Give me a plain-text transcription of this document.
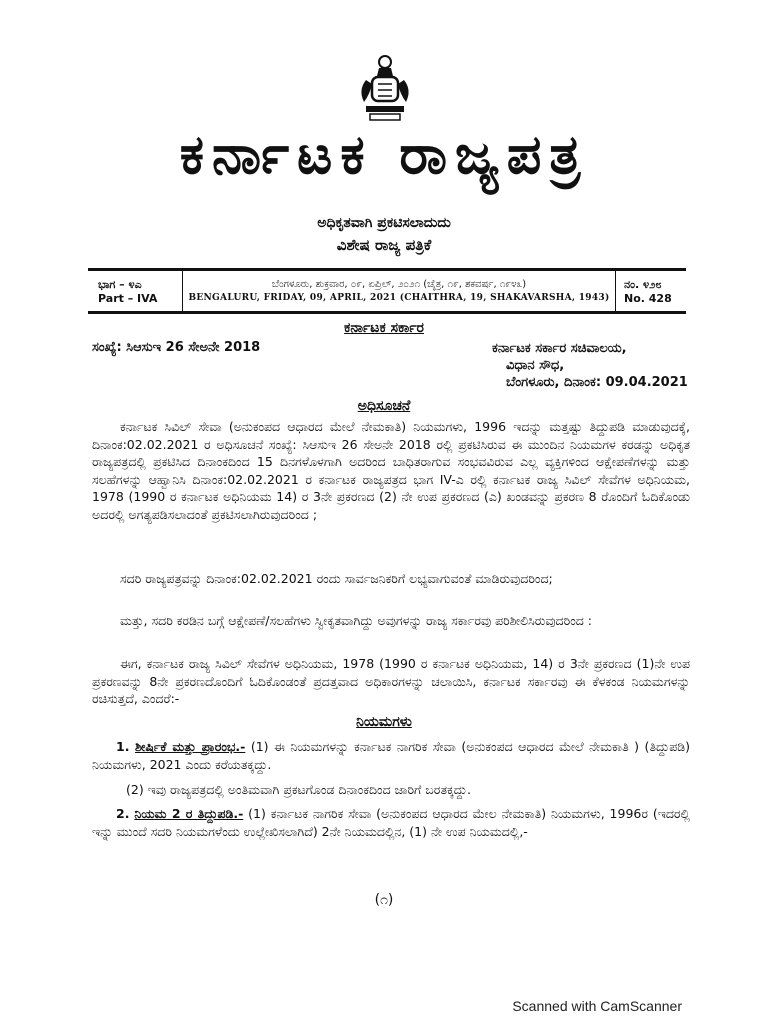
ಕರ್ನಾಟಕ ರಾಜ್ಯಪತ್ರ
ಅಧಿಕೃತವಾಗಿ ಪ್ರಕಟಿಸಲಾದುದು
ವಿಶೇಷ ರಾಜ್ಯ ಪತ್ರಿಕೆ
ಭಾಗ – ೪ಎ
Part – IVA
ಬೆಂಗಳೂರು, ಶುಕ್ರವಾರ, ೦೯, ಏಪ್ರಿಲ್, ೨೦೨೧ (ಚೈತ್ರ, ೧೯, ಶಕವರ್ಷ, ೧೯೪೩)
BENGALURU, FRIDAY, 09, APRIL, 2021 (CHAITHRA, 19, SHAKAVARSHA, 1943)
ನಂ. ೪೨೮
No. 428
ಕರ್ನಾಟಕ ಸರ್ಕಾರ
ಸಂಖ್ಯೆ: ಸಿಆಸುಇ 26 ಸೇಅನೇ 2018	ಕರ್ನಾಟಕ ಸರ್ಕಾರ ಸಚಿವಾಲಯ,
ವಿಧಾನ ಸೌಧ,
ಬೆಂಗಳೂರು, ದಿನಾಂಕ: 09.04.2021
ಅಧಿಸೂಚನೆ
ಕರ್ನಾಟಕ ಸಿವಿಲ್ ಸೇವಾ (ಅನುಕಂಪದ ಆಧಾರದ ಮೇಲೆ ನೇಮಕಾತಿ) ನಿಯಮಗಳು, 1996 ಇದನ್ನು ಮತ್ತಷ್ಟು ತಿದ್ದುಪಡಿ ಮಾಡುವುದಕ್ಕೆ, ದಿನಾಂಕ:02.02.2021 ರ ಅಧಿಸೂಚನೆ ಸಂಖ್ಯೆ: ಸಿಆಸುಇ 26 ಸೇಅನೇ 2018 ರಲ್ಲಿ ಪ್ರಕಟಿಸಿರುವ ಈ ಮುಂದಿನ ನಿಯಮಗಳ ಕರಡನ್ನು ಅಧಿಕೃತ ರಾಜ್ಯಪತ್ರದಲ್ಲಿ ಪ್ರಕಟಿಸಿದ ದಿನಾಂಕದಿಂದ 15 ದಿನಗಳೊಳಗಾಗಿ ಅದರಿಂದ ಬಾಧಿತರಾಗುವ ಸಂಭವವಿರುವ ಎಲ್ಲ ವ್ಯಕ್ತಿಗಳಿಂದ ಆಕ್ಷೇಪಣೆಗಳನ್ನು ಮತ್ತು ಸಲಹೆಗಳನ್ನು ಆಹ್ವಾನಿಸಿ ದಿನಾಂಕ:02.02.2021 ರ ಕರ್ನಾಟಕ ರಾಜ್ಯಪತ್ರದ ಭಾಗ IV-ಎ ರಲ್ಲಿ ಕರ್ನಾಟಕ ರಾಜ್ಯ ಸಿವಿಲ್ ಸೇವೆಗಳ ಅಧಿನಿಯಮ, 1978 (1990 ರ ಕರ್ನಾಟಕ ಅಧಿನಿಯಮ 14) ರ 3ನೇ ಪ್ರಕರಣದ (2) ನೇ ಉಪ ಪ್ರಕರಣದ (ಎ) ಖಂಡವನ್ನು ಪ್ರಕರಣ 8 ರೊಂದಿಗೆ ಓದಿಕೊಂಡು ಅದರಲ್ಲಿ ಅಗತ್ಯಪಡಿಸಲಾದಂತೆ ಪ್ರಕಟಿಸಲಾಗಿರುವುದರಿಂದ ;
ಸದರಿ ರಾಜ್ಯಪತ್ರವನ್ನು ದಿನಾಂಕ:02.02.2021 ರಂದು ಸಾರ್ವಜನಿಕರಿಗೆ ಲಭ್ಯವಾಗುವಂತೆ ಮಾಡಿರುವುದರಿಂದ;
ಮತ್ತು, ಸದರಿ ಕರಡಿನ ಬಗ್ಗೆ ಆಕ್ಷೇಪಣೆ/ಸಲಹೆಗಳು ಸ್ವೀಕೃತವಾಗಿದ್ದು ಅವುಗಳನ್ನು ರಾಜ್ಯ ಸರ್ಕಾರವು ಪರಿಶೀಲಿಸಿರುವುದರಿಂದ :
ಈಗ, ಕರ್ನಾಟಕ ರಾಜ್ಯ ಸಿವಿಲ್ ಸೇವೆಗಳ ಅಧಿನಿಯಮ, 1978 (1990 ರ ಕರ್ನಾಟಕ ಅಧಿನಿಯಮ, 14) ರ 3ನೇ ಪ್ರಕರಣದ (1)ನೇ ಉಪ ಪ್ರಕರಣವನ್ನು 8ನೇ ಪ್ರಕರಣದೊಂದಿಗೆ ಓದಿಕೊಂಡಂತೆ ಪ್ರದತ್ತವಾದ ಅಧಿಕಾರಗಳನ್ನು ಚಲಾಯಿಸಿ, ಕರ್ನಾಟಕ ಸರ್ಕಾರವು ಈ ಕೆಳಕಂಡ ನಿಯಮಗಳನ್ನು ರಚಿಸುತ್ತದೆ, ಎಂದರೆ:-
ನಿಯಮಗಳು
1. ಶೀರ್ಷಿಕೆ ಮತ್ತು ಪ್ರಾರಂಭ.- (1) ಈ ನಿಯಮಗಳನ್ನು ಕರ್ನಾಟಕ ನಾಗರಿಕ ಸೇವಾ (ಅನುಕಂಪದ ಆಧಾರದ ಮೇಲೆ ನೇಮಕಾತಿ ) (ತಿದ್ದುಪಡಿ) ನಿಯಮಗಳು, 2021 ಎಂದು ಕರೆಯತಕ್ಕದ್ದು.
(2) ಇವು ರಾಜ್ಯಪತ್ರದಲ್ಲಿ ಅಂತಿಮವಾಗಿ ಪ್ರಕಟಗೊಂಡ ದಿನಾಂಕದಿಂದ ಜಾರಿಗೆ ಬರತಕ್ಕದ್ದು.
2. ನಿಯಮ 2 ರ ತಿದ್ದುಪಡಿ.- (1) ಕರ್ನಾಟಕ ನಾಗರಿಕ ಸೇವಾ (ಅನುಕಂಪದ ಆಧಾರದ ಮೇಲ ನೇಮಕಾತಿ) ನಿಯಮಗಳು, 1996ರ (ಇದರಲ್ಲಿ ಇನ್ನು ಮುಂದೆ ಸದರಿ ನಿಯಮಗಳೆಂದು ಉಲ್ಲೇಖಿಸಲಾಗಿದೆ) 2ನೇ ನಿಯಮದಲ್ಲಿನ, (1) ನೇ ಉಪ ನಿಯಮದಲ್ಲಿ,-
(೧)
Scanned with CamScanner
